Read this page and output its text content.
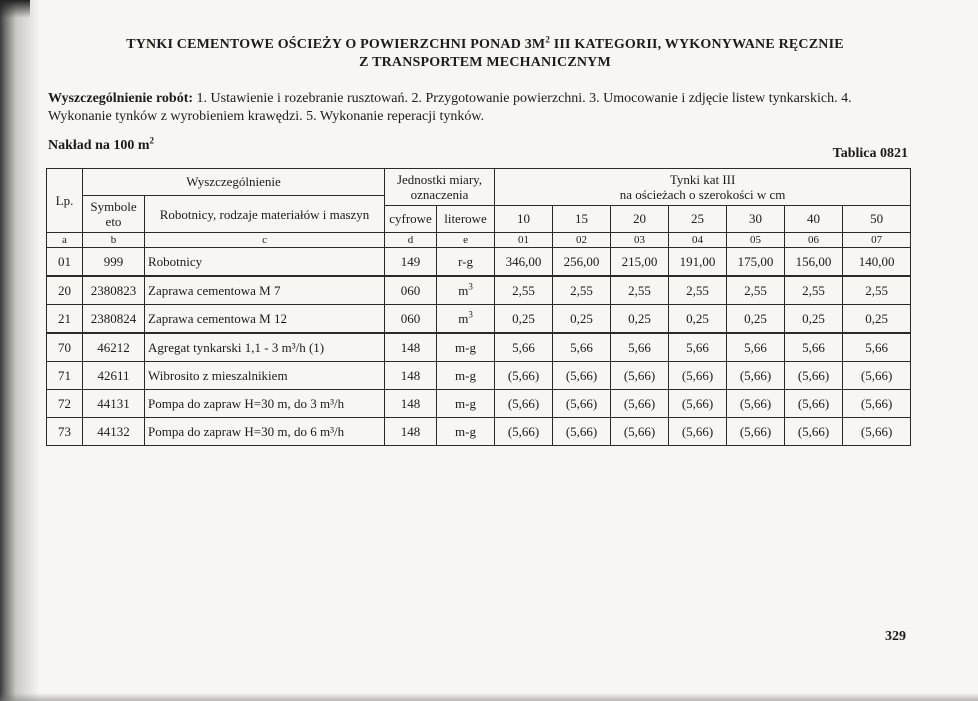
TYNKI CEMENTOWE OŚCIEŻY O POWIERZCHNI PONAD $3M^2$ III KATEGORII, WYKONYWANE RĘCZNIE
Z TRANSPORTEM MECHANICZNYM
Wyszczególnienie robót: 1. Ustawienie i rozebranie rusztowań. 2. Przygotowanie powierzchni. 3. Umocowanie i zdjęcie listew tynkarskich. 4. Wykonanie tynków z wyrobieniem krawędzi. 5. Wykonanie reperacji tynków.
Nakład na 100 $m^2$
Tablica 0821
Lp.	Wyszczególnienie		Jednostki miary, oznaczenia		Tynki kat III
na ościeżach o szerokości w cm						

	Symbole eto	Robotnicy, rodzaje materiałów i maszyn									
			cyfrowe	literowe	10	15	20	25	30	40	50
a	b	c	d	e	01	02	03	04	05	06	07
01	999	Robotnicy	149	r-g	346,00	256,00	215,00	191,00	175,00	156,00	140,00
20	2380823	Zaprawa cementowa M 7	060	$m^3$	2,55	2,55	2,55	2,55	2,55	2,55	2,55
21	2380824	Zaprawa cementowa M 12	060	$m^3$	0,25	0,25	0,25	0,25	0,25	0,25	0,25
70	46212	Agregat tynkarski 1,1 - 3 m³/h (1)	148	m-g	5,66	5,66	5,66	5,66	5,66	5,66	5,66
71	42611	Wibrosito z mieszalnikiem	148	m-g	(5,66)	(5,66)	(5,66)	(5,66)	(5,66)	(5,66)	(5,66)
72	44131	Pompa do zapraw H=30 m, do 3 m³/h	148	m-g	(5,66)	(5,66)	(5,66)	(5,66)	(5,66)	(5,66)	(5,66)
73	44132	Pompa do zapraw H=30 m, do 6 m³/h	148	m-g	(5,66)	(5,66)	(5,66)	(5,66)	(5,66)	(5,66)	(5,66)
329
